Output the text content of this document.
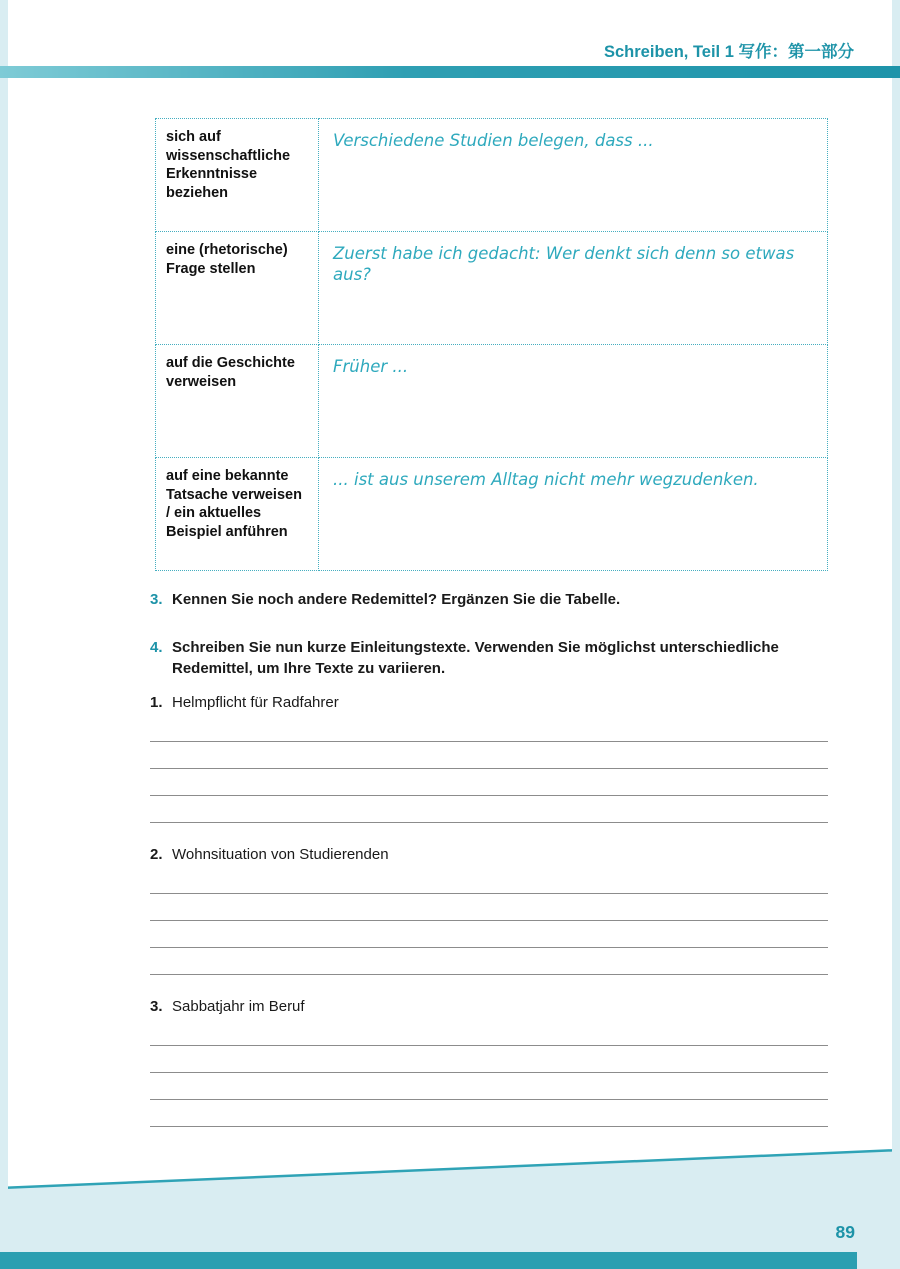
Schreiben, Teil 1 写作：第一部分
sich auf wissenschaftliche Erkenntnisse beziehen	Verschiedene Studien belegen, dass ...
eine (rhetorische) Frage stellen	Zuerst habe ich gedacht: Wer denkt sich denn so etwas aus?
auf die Geschichte verweisen	Früher ...
auf eine bekannte Tatsache verweisen / ein aktuelles Beispiel anführen	... ist aus unserem Alltag nicht mehr wegzudenken.
3. Kennen Sie noch andere Redemittel? Ergänzen Sie die Tabelle.
4. Schreiben Sie nun kurze Einleitungstexte. Verwenden Sie möglichst unterschiedliche Redemittel, um Ihre Texte zu variieren.
1. Helmpflicht für Radfahrer
2. Wohnsituation von Studierenden
3. Sabbatjahr im Beruf
89
